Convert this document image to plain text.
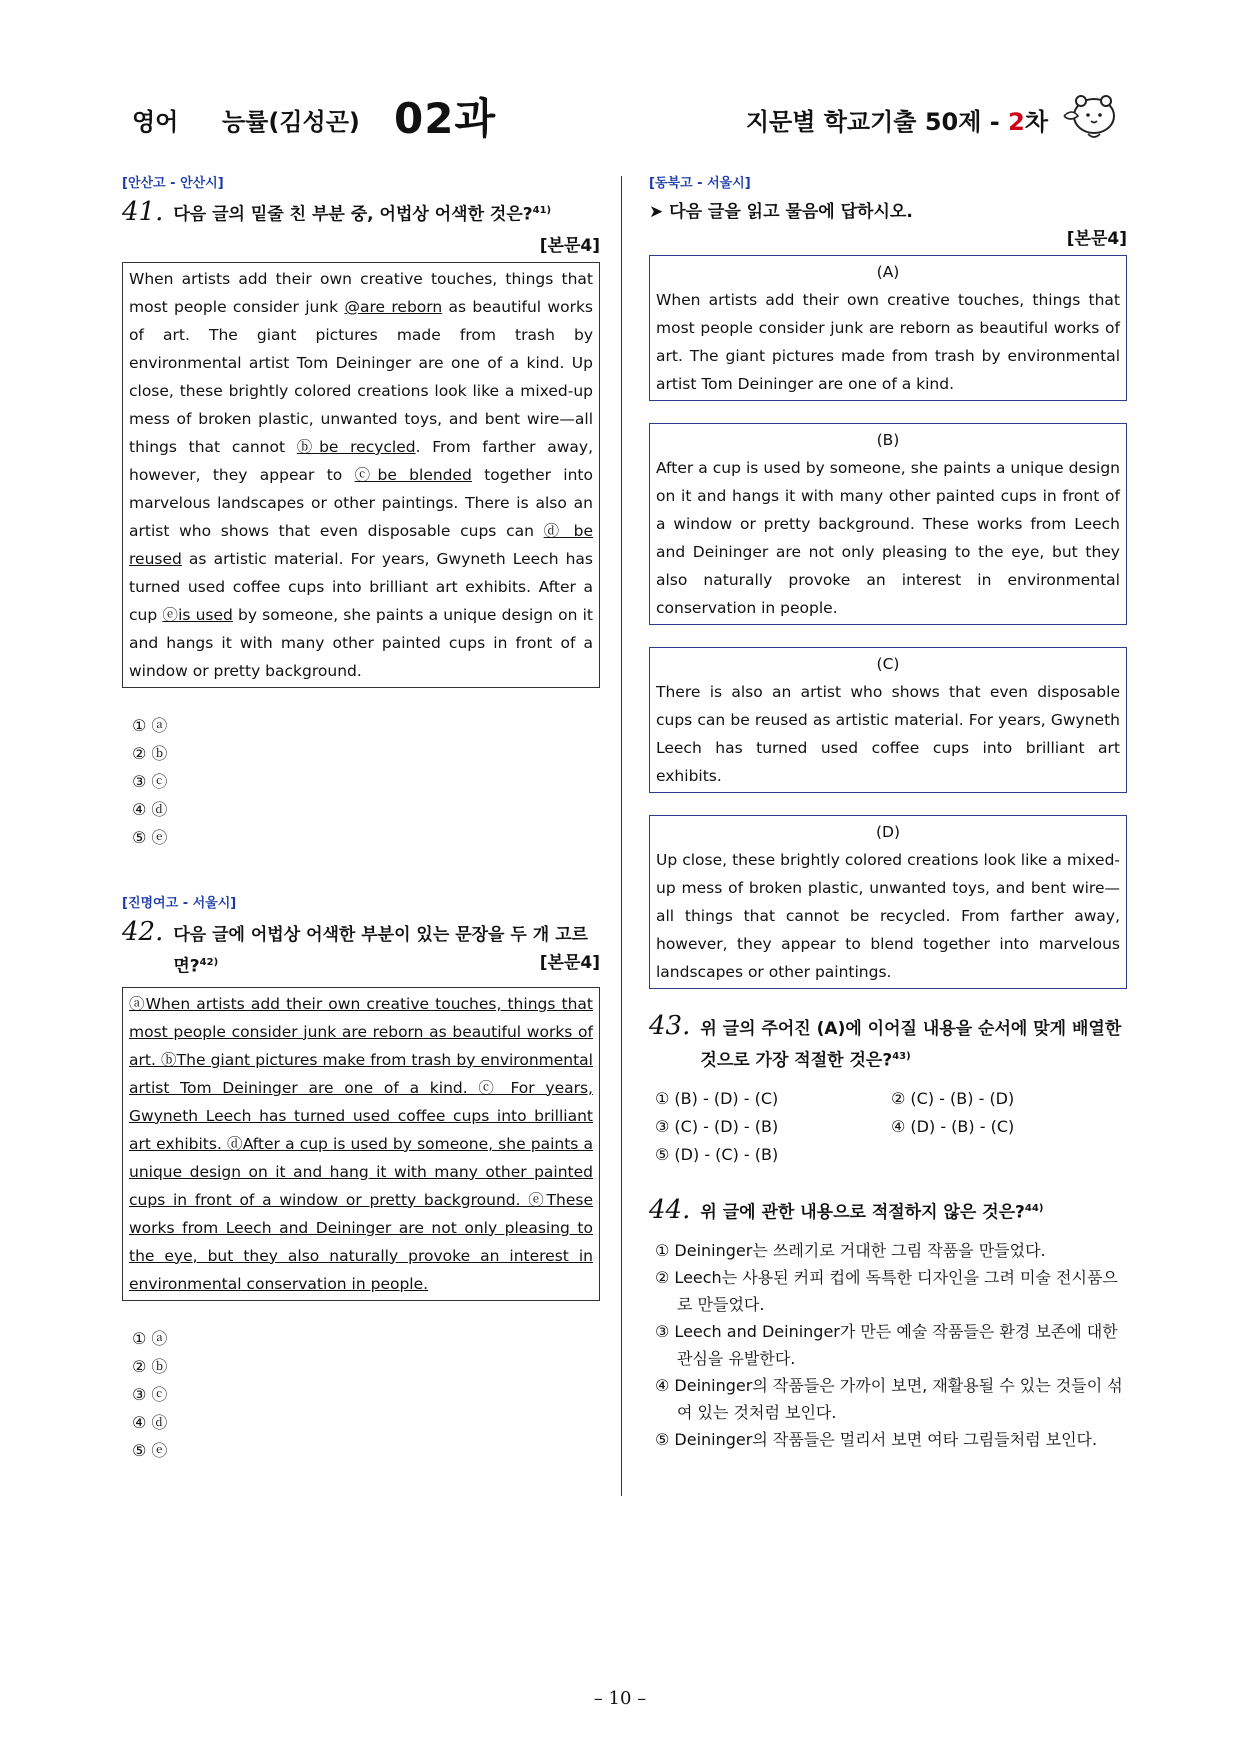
영어 능률(김성곤) 02과	지문별 학교기출 50제 - 2차
[안산고 - 안산시]
41. 다음 글의 밑줄 친 부분 중, 어법상 어색한 것은?$^{41)}$
[본문4]
When artists add their own creative touches, things that most people consider junk @are reborn as beautiful works of art. The giant pictures made from trash by environmental artist Tom Deininger are one of a kind. Up close, these brightly colored creations look like a mixed-up mess of broken plastic, unwanted toys, and bent wire—all things that cannot ⓑbe recycled. From farther away, however, they appear to ⓒbe blended together into marvelous landscapes or other paintings. There is also an artist who shows that even disposable cups can ⓓ be reused as artistic material. For years, Gwyneth Leech has turned used coffee cups into brilliant art exhibits. After a cup ⓔis used by someone, she paints a unique design on it and hangs it with many other painted cups in front of a window or pretty background.
① ⓐ
② ⓑ
③ ⓒ
④ ⓓ
⑤ ⓔ
[진명여고 - 서울시]
42. 다음 글에 어법상 어색한 부분이 있는 문장을 두 개 고르면?$^{42)}$	[본문4]
ⓐWhen artists add their own creative touches, things that most people consider junk are reborn as beautiful works of art. ⓑThe giant pictures make from trash by environmental artist Tom Deininger are one of a kind. ⓒ For years, Gwyneth Leech has turned used coffee cups into brilliant art exhibits. ⓓAfter a cup is used by someone, she paints a unique design on it and hang it with many other painted cups in front of a window or pretty background. ⓔThese works from Leech and Deininger are not only pleasing to the eye, but they also naturally provoke an interest in environmental conservation in people.
① ⓐ
② ⓑ
③ ⓒ
④ ⓓ
⑤ ⓔ
[동북고 - 서울시]
➤ 다음 글을 읽고 물음에 답하시오.
[본문4]
(A)
When artists add their own creative touches, things that most people consider junk are reborn as beautiful works of art. The giant pictures made from trash by environmental artist Tom Deininger are one of a kind.
(B)
After a cup is used by someone, she paints a unique design on it and hangs it with many other painted cups in front of a window or pretty background. These works from Leech and Deininger are not only pleasing to the eye, but they also naturally provoke an interest in environmental conservation in people.
(C)
There is also an artist who shows that even disposable cups can be reused as artistic material. For years, Gwyneth Leech has turned used coffee cups into brilliant art exhibits.
(D)
Up close, these brightly colored creations look like a mixed-up mess of broken plastic, unwanted toys, and bent wire—all things that cannot be recycled. From farther away, however, they appear to blend together into marvelous landscapes or other paintings.
43. 위 글의 주어진 (A)에 이어질 내용을 순서에 맞게 배열한 것으로 가장 적절한 것은?$^{43)}$
① (B) - (D) - (C)	② (C) - (B) - (D)
③ (C) - (D) - (B)	④ (D) - (B) - (C)
⑤ (D) - (C) - (B)
44. 위 글에 관한 내용으로 적절하지 않은 것은?$^{44)}$
① Deininger는 쓰레기로 거대한 그림 작품을 만들었다.
② Leech는 사용된 커피 컵에 독특한 디자인을 그려 미술 전시품으로 만들었다.
③ Leech and Deininger가 만든 예술 작품들은 환경 보존에 대한 관심을 유발한다.
④ Deininger의 작품들은 가까이 보면, 재활용될 수 있는 것들이 섞여 있는 것처럼 보인다.
⑤ Deininger의 작품들은 멀리서 보면 여타 그림들처럼 보인다.
– 10 –
